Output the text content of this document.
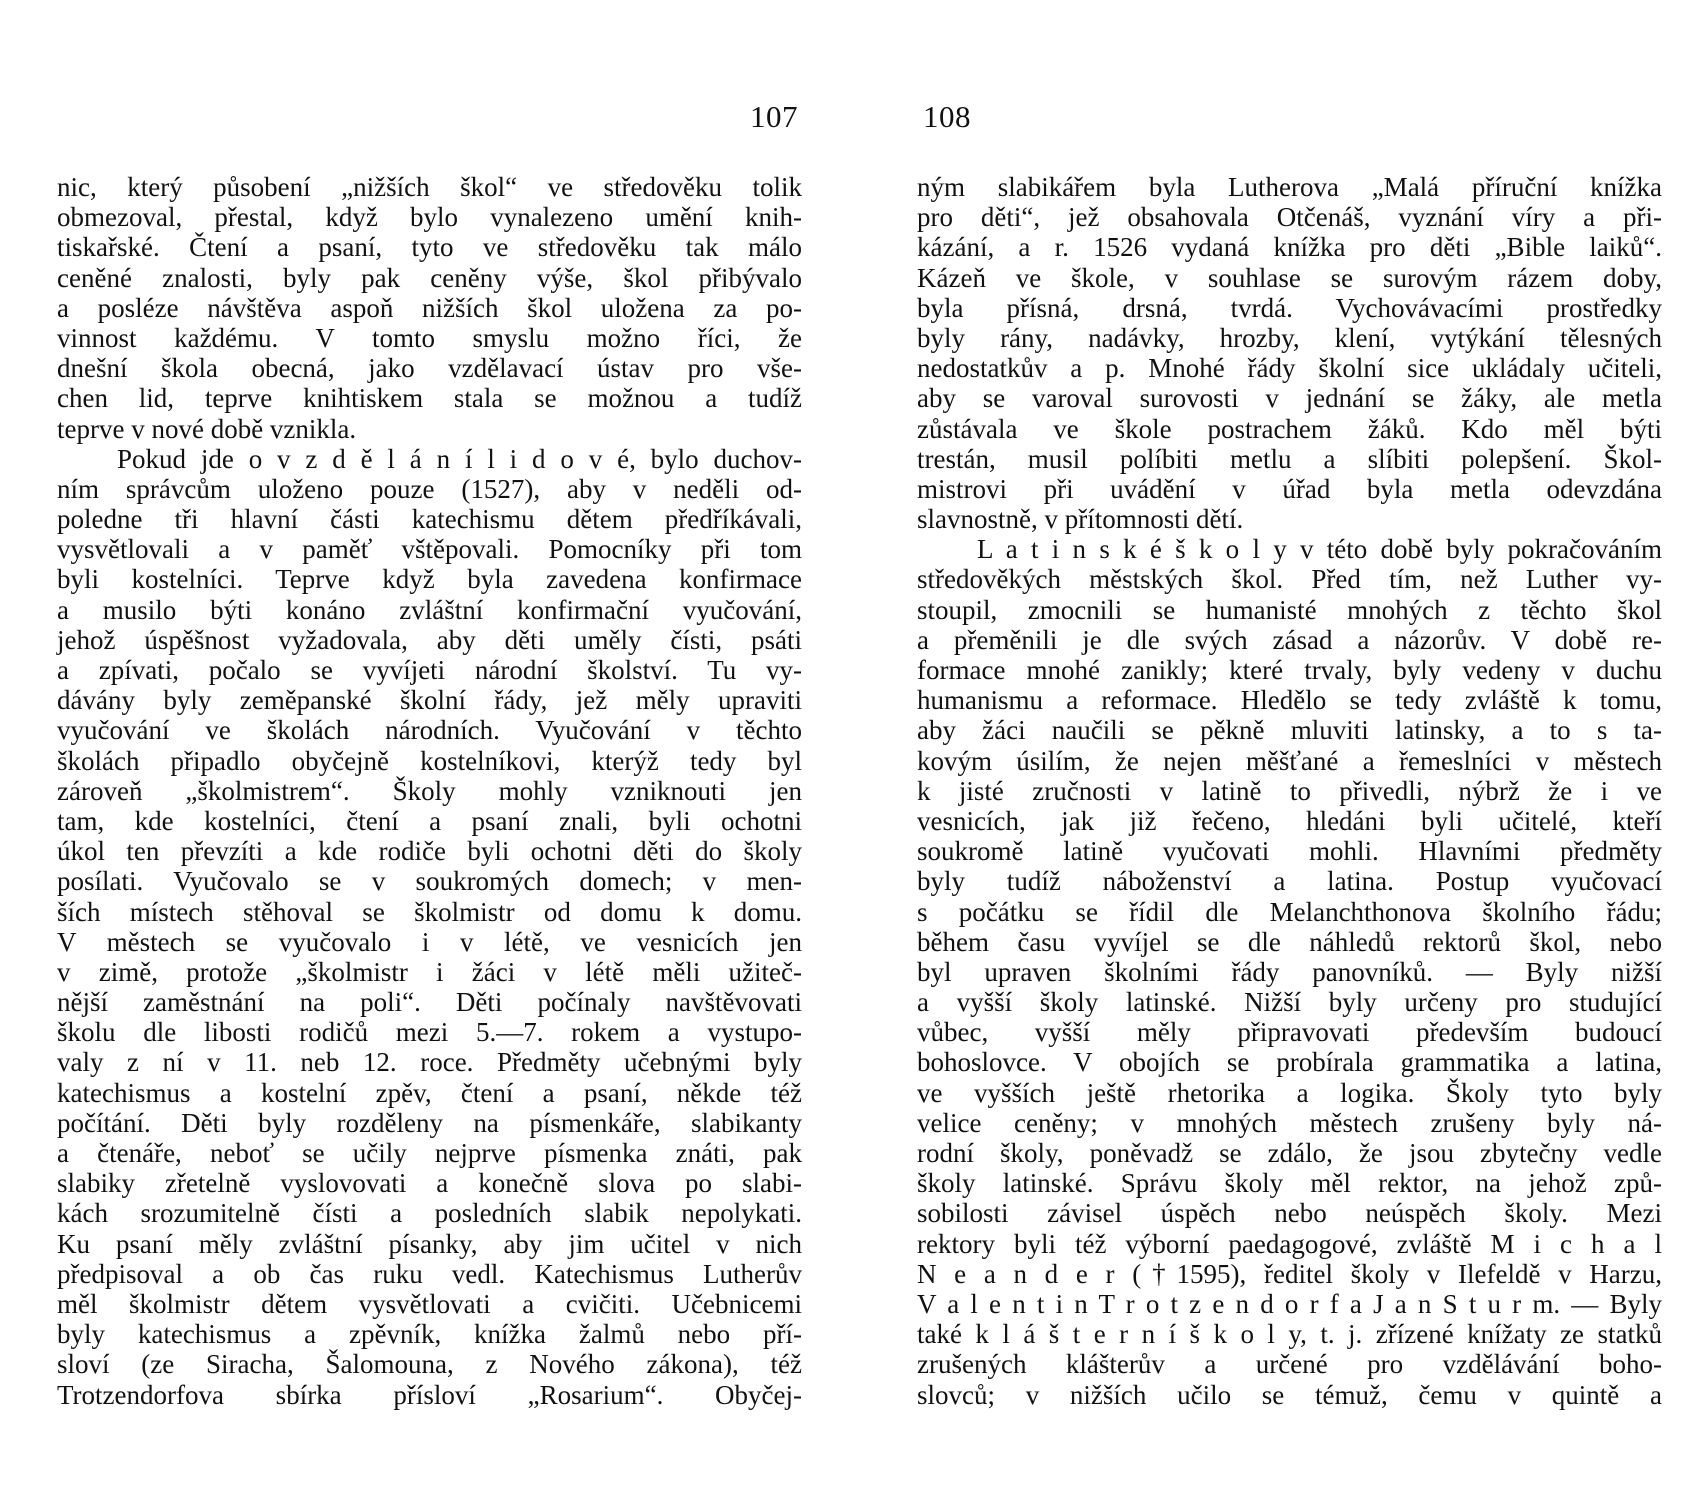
107
nic, který působení „nižších škol“ ve středověku tolik
obmezoval, přestal, když bylo vynalezeno umění knih-
tiskařské. Čtení a psaní, tyto ve středověku tak málo
ceněné znalosti, byly pak ceněny výše, škol přibývalo
a posléze návštěva aspoň nižších škol uložena za po-
vinnost každému. V tomto smyslu možno říci, že
dnešní škola obecná, jako vzdělavací ústav pro vše-
chen lid, teprve knihtiskem stala se možnou a tudíž
teprve v nové době vznikla.
Pokud jde o v z d ě l á n í l i d o v é, bylo duchov-
ním správcům uloženo pouze (1527), aby v neděli od-
poledne tři hlavní části katechismu dětem předříkávali,
vysvětlovali a v paměť vštěpovali. Pomocníky při tom
byli kostelníci. Teprve když byla zavedena konfirmace
a musilo býti konáno zvláštní konfirmační vyučování,
jehož úspěšnost vyžadovala, aby děti uměly čísti, psáti
a zpívati, počalo se vyvíjeti národní školství. Tu vy-
dávány byly zeměpanské školní řády, jež měly upraviti
vyučování ve školách národních. Vyučování v těchto
školách připadlo obyčejně kostelníkovi, kterýž tedy byl
zároveň „školmistrem“. Školy mohly vzniknouti jen
tam, kde kostelníci, čtení a psaní znali, byli ochotni
úkol ten převzíti a kde rodiče byli ochotni děti do školy
posílati. Vyučovalo se v soukromých domech; v men-
ších místech stěhoval se školmistr od domu k domu.
V městech se vyučovalo i v létě, ve vesnicích jen
v zimě, protože „školmistr i žáci v létě měli užiteč-
nější zaměstnání na poli“. Děti počínaly navštěvovati
školu dle libosti rodičů mezi 5.—7. rokem a vystupo-
valy z ní v 11. neb 12. roce. Předměty učebnými byly
katechismus a kostelní zpěv, čtení a psaní, někde též
počítání. Děti byly rozděleny na písmenkáře, slabikanty
a čtenáře, neboť se učily nejprve písmenka znáti, pak
slabiky zřetelně vyslovovati a konečně slova po slabi-
kách srozumitelně čísti a posledních slabik nepolykati.
Ku psaní měly zvláštní písanky, aby jim učitel v nich
předpisoval a ob čas ruku vedl. Katechismus Lutherův
měl školmistr dětem vysvětlovati a cvičiti. Učebnicemi
byly katechismus a zpěvník, knížka žalmů nebo pří-
sloví (ze Siracha, Šalomouna, z Nového zákona), též
Trotzendorfova sbírka přísloví „Rosarium“. Obyčej-
108
ným slabikářem byla Lutherova „Malá příruční knížka
pro děti“, jež obsahovala Otčenáš, vyznání víry a při-
kázání, a r. 1526 vydaná knížka pro děti „Bible laiků“.
Kázeň ve škole, v souhlase se surovým rázem doby,
byla přísná, drsná, tvrdá. Vychovávacími prostředky
byly rány, nadávky, hrozby, klení, vytýkání tělesných
nedostatkův a p. Mnohé řády školní sice ukládaly učiteli,
aby se varoval surovosti v jednání se žáky, ale metla
zůstávala ve škole postrachem žáků. Kdo měl býti
trestán, musil políbiti metlu a slíbiti polepšení. Škol-
mistrovi při uvádění v úřad byla metla odevzdána
slavnostně, v přítomnosti dětí.
L a t i n s k é š k o l y v této době byly pokračováním
středověkých městských škol. Před tím, než Luther vy-
stoupil, zmocnili se humanisté mnohých z těchto škol
a přeměnili je dle svých zásad a názorův. V době re-
formace mnohé zanikly; které trvaly, byly vedeny v duchu
humanismu a reformace. Hledělo se tedy zvláště k tomu,
aby žáci naučili se pěkně mluviti latinsky, a to s ta-
kovým úsilím, že nejen měšťané a řemeslníci v městech
k jisté zručnosti v latině to přivedli, nýbrž že i ve
vesnicích, jak již řečeno, hledáni byli učitelé, kteří
soukromě latině vyučovati mohli. Hlavními předměty
byly tudíž náboženství a latina. Postup vyučovací
s počátku se řídil dle Melanchthonova školního řádu;
během času vyvíjel se dle náhledů rektorů škol, nebo
byl upraven školními řády panovníků. — Byly nižší
a vyšší školy latinské. Nižší byly určeny pro studující
vůbec, vyšší měly připravovati především budoucí
bohoslovce. V obojích se probírala grammatika a latina,
ve vyšších ještě rhetorika a logika. Školy tyto byly
velice ceněny; v mnohých městech zrušeny byly ná-
rodní školy, poněvadž se zdálo, že jsou zbytečny vedle
školy latinské. Správu školy měl rektor, na jehož způ-
sobilosti závisel úspěch nebo neúspěch školy. Mezi
rektory byli též výborní paedagogové, zvláště M i c h a l
N e a n d e r (†1595), ředitel školy v Ilefeldě v Harzu,
V a l e n t i n T r o t z e n d o r f a J a n S t u r m. — Byly
také k l á š t e r n í š k o l y, t. j. zřízené knížaty ze statků
zrušených klášterův a určené pro vzdělávání boho-
slovců; v nižších učilo se témuž, čemu v quintě a
